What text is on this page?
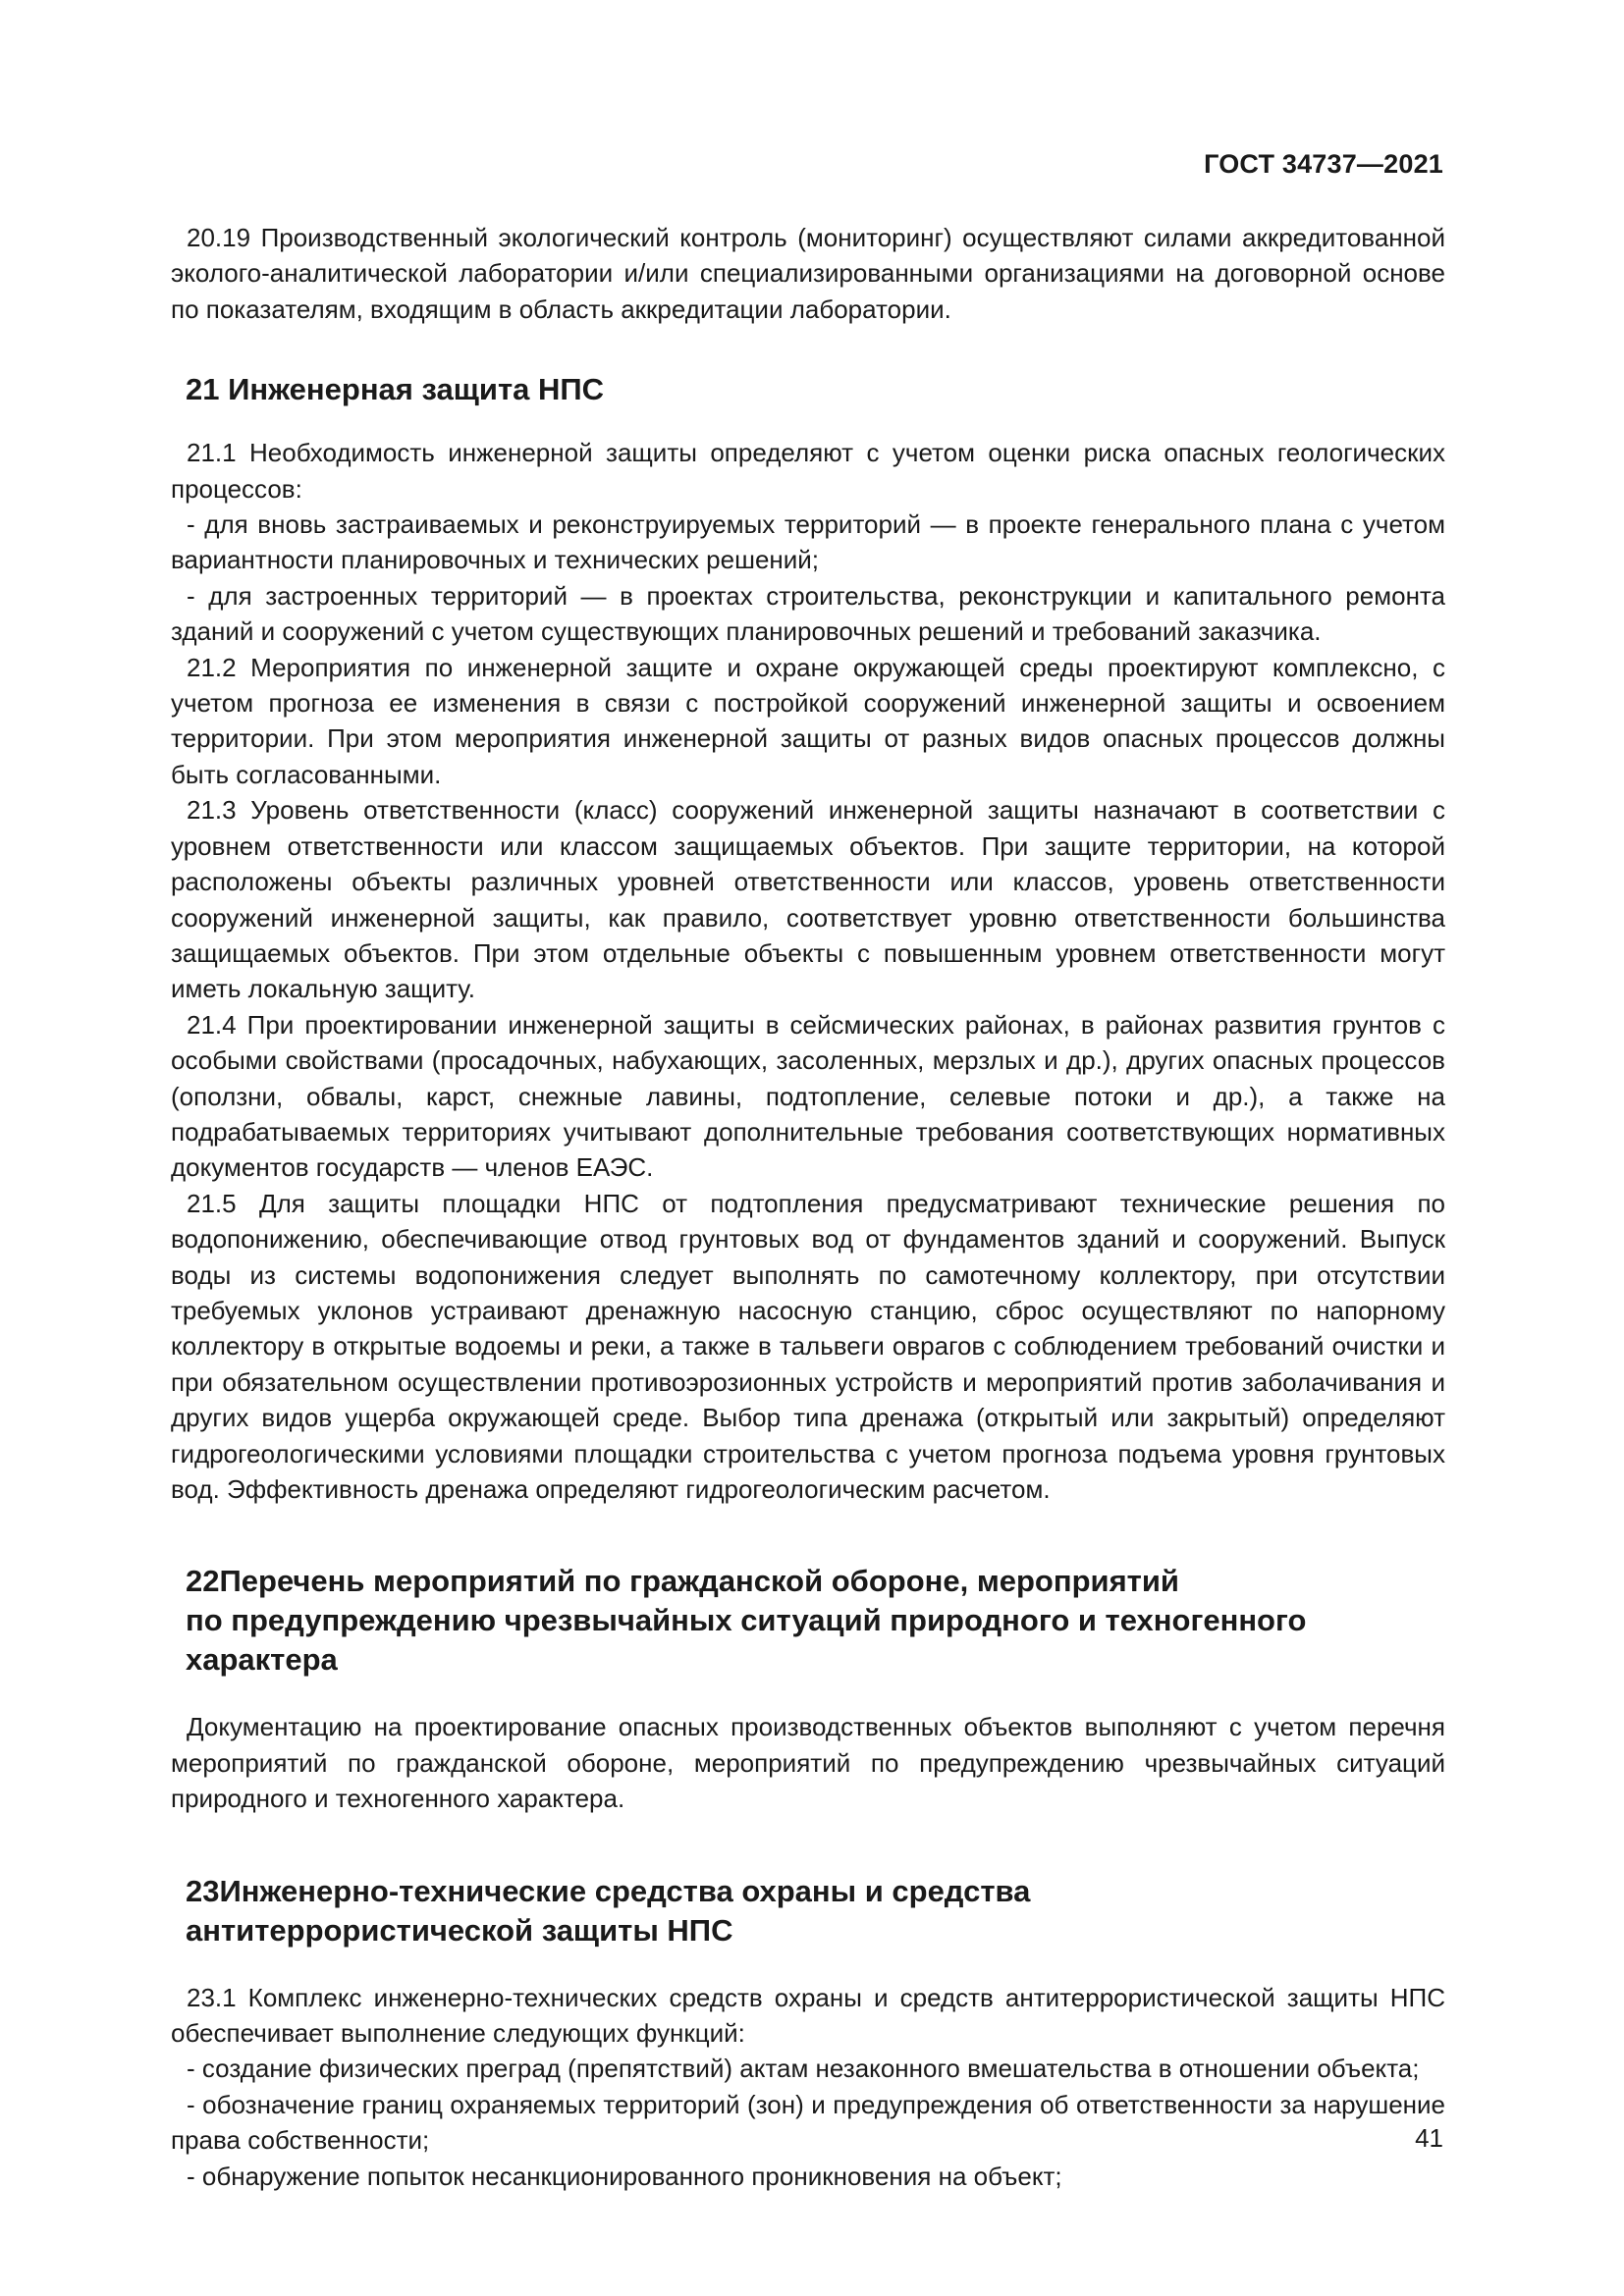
ГОСТ 34737—2021

20.19 Производственный экологический контроль (мониторинг) осуществляют силами аккредитованной эколого-аналитической лаборатории и/или специализированными организациями на договорной основе по показателям, входящим в область аккредитации лаборатории.

21 Инженерная защита НПС

21.1 Необходимость инженерной защиты определяют с учетом оценки риска опасных геологических процессов:

- для вновь застраиваемых и реконструируемых территорий — в проекте генерального плана с учетом вариантности планировочных и технических решений;

- для застроенных территорий — в проектах строительства, реконструкции и капитального ремонта зданий и сооружений с учетом существующих планировочных решений и требований заказчика.

21.2 Мероприятия по инженерной защите и охране окружающей среды проектируют комплексно, с учетом прогноза ее изменения в связи с постройкой сооружений инженерной защиты и освоением территории. При этом мероприятия инженерной защиты от разных видов опасных процессов должны быть согласованными.

21.3 Уровень ответственности (класс) сооружений инженерной защиты назначают в соответствии с уровнем ответственности или классом защищаемых объектов. При защите территории, на которой расположены объекты различных уровней ответственности или классов, уровень ответственности сооружений инженерной защиты, как правило, соответствует уровню ответственности большинства защищаемых объектов. При этом отдельные объекты с повышенным уровнем ответственности могут иметь локальную защиту.

21.4 При проектировании инженерной защиты в сейсмических районах, в районах развития грунтов с особыми свойствами (просадочных, набухающих, засоленных, мерзлых и др.), других опасных процессов (оползни, обвалы, карст, снежные лавины, подтопление, селевые потоки и др.), а также на подрабатываемых территориях учитывают дополнительные требования соответствующих нормативных документов государств — членов ЕАЭС.

21.5 Для защиты площадки НПС от подтопления предусматривают технические решения по водопонижению, обеспечивающие отвод грунтовых вод от фундаментов зданий и сооружений. Выпуск воды из системы водопонижения следует выполнять по самотечному коллектору, при отсутствии требуемых уклонов устраивают дренажную насосную станцию, сброс осуществляют по напорному коллектору в открытые водоемы и реки, а также в тальвеги оврагов с соблюдением требований очистки и при обязательном осуществлении противоэрозионных устройств и мероприятий против заболачивания и других видов ущерба окружающей среде. Выбор типа дренажа (открытый или закрытый) определяют гидрогеологическими условиями площадки строительства с учетом прогноза подъема уровня грунтовых вод. Эффективность дренажа определяют гидрогеологическим расчетом.

22Перечень мероприятий по гражданской обороне, мероприятий
по предупреждению чрезвычайных ситуаций природного и техногенного
характера

Документацию на проектирование опасных производственных объектов выполняют с учетом перечня мероприятий по гражданской обороне, мероприятий по предупреждению чрезвычайных ситуаций природного и техногенного характера.

23Инженерно-технические средства охраны и средства
антитеррористической защиты НПС

23.1 Комплекс инженерно-технических средств охраны и средств антитеррористической защиты НПС обеспечивает выполнение следующих функций:

- создание физических преград (препятствий) актам незаконного вмешательства в отношении объекта;

- обозначение границ охраняемых территорий (зон) и предупреждения об ответственности за нарушение права собственности;

- обнаружение попыток несанкционированного проникновения на объект;

41
